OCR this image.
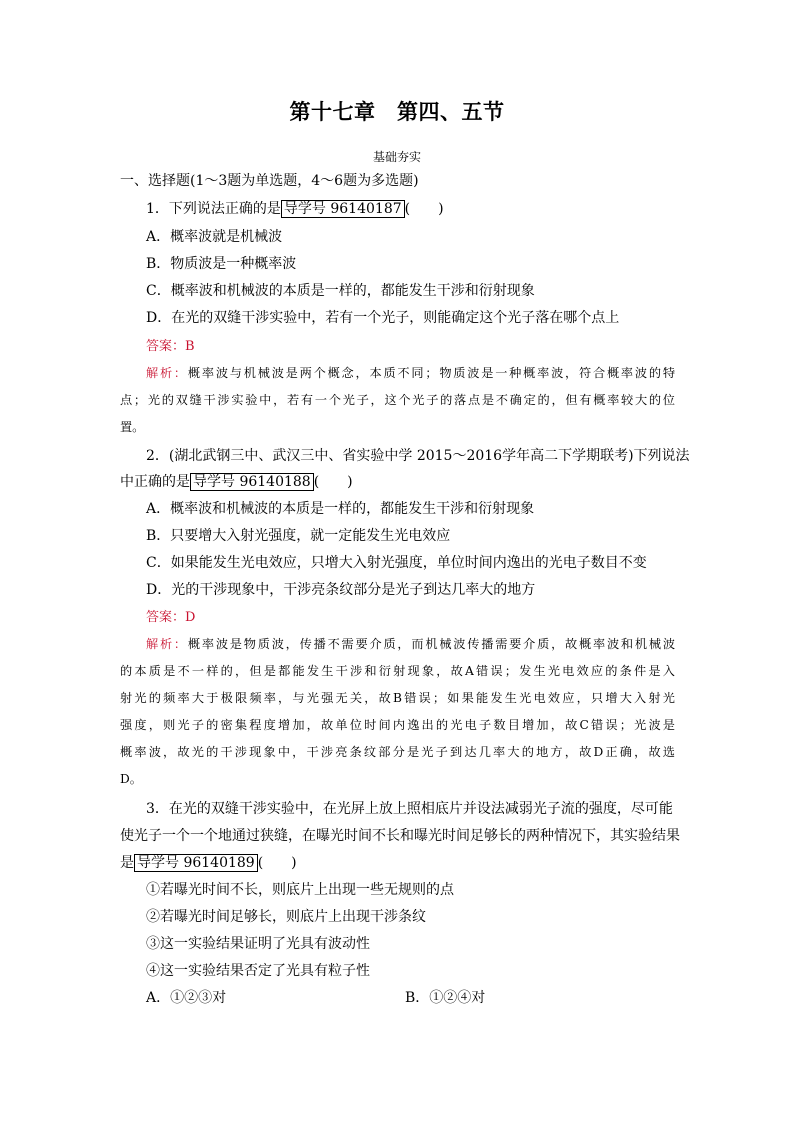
第十七章　第四、五节
基础夯实
一、选择题(1～3题为单选题，4～6题为多选题)
1．下列说法正确的是 导学号 96140187 (　　)
A．概率波就是机械波
B．物质波是一种概率波
C．概率波和机械波的本质是一样的，都能发生干涉和衍射现象
D．在光的双缝干涉实验中，若有一个光子，则能确定这个光子落在哪个点上
答案：B
解析：概率波与机械波是两个概念，本质不同；物质波是一种概率波，符合概率波的特
点；光的双缝干涉实验中，若有一个光子，这个光子的落点是不确定的，但有概率较大的位
置。
2．(湖北武钢三中、武汉三中、省实验中学 2015～2016学年高二下学期联考)下列说法
中正确的是 导学号 96140188 (　　)
A．概率波和机械波的本质是一样的，都能发生干涉和衍射现象
B．只要增大入射光强度，就一定能发生光电效应
C．如果能发生光电效应，只增大入射光强度，单位时间内逸出的光电子数目不变
D．光的干涉现象中，干涉亮条纹部分是光子到达几率大的地方
答案：D
解析：概率波是物质波，传播不需要介质，而机械波传播需要介质，故概率波和机械波
的本质是不一样的，但是都能发生干涉和衍射现象，故A错误；发生光电效应的条件是入
射光的频率大于极限频率，与光强无关，故B错误；如果能发生光电效应，只增大入射光
强度，则光子的密集程度增加，故单位时间内逸出的光电子数目增加，故C错误；光波是
概率波，故光的干涉现象中，干涉亮条纹部分是光子到达几率大的地方，故D正确，故选
D。
3．在光的双缝干涉实验中，在光屏上放上照相底片并设法减弱光子流的强度，尽可能
使光子一个一个地通过狭缝，在曝光时间不长和曝光时间足够长的两种情况下，其实验结果
是 导学号 96140189 (　　)
①若曝光时间不长，则底片上出现一些无规则的点
②若曝光时间足够长，则底片上出现干涉条纹
③这一实验结果证明了光具有波动性
④这一实验结果否定了光具有粒子性
A．①②③对	B．①②④对
